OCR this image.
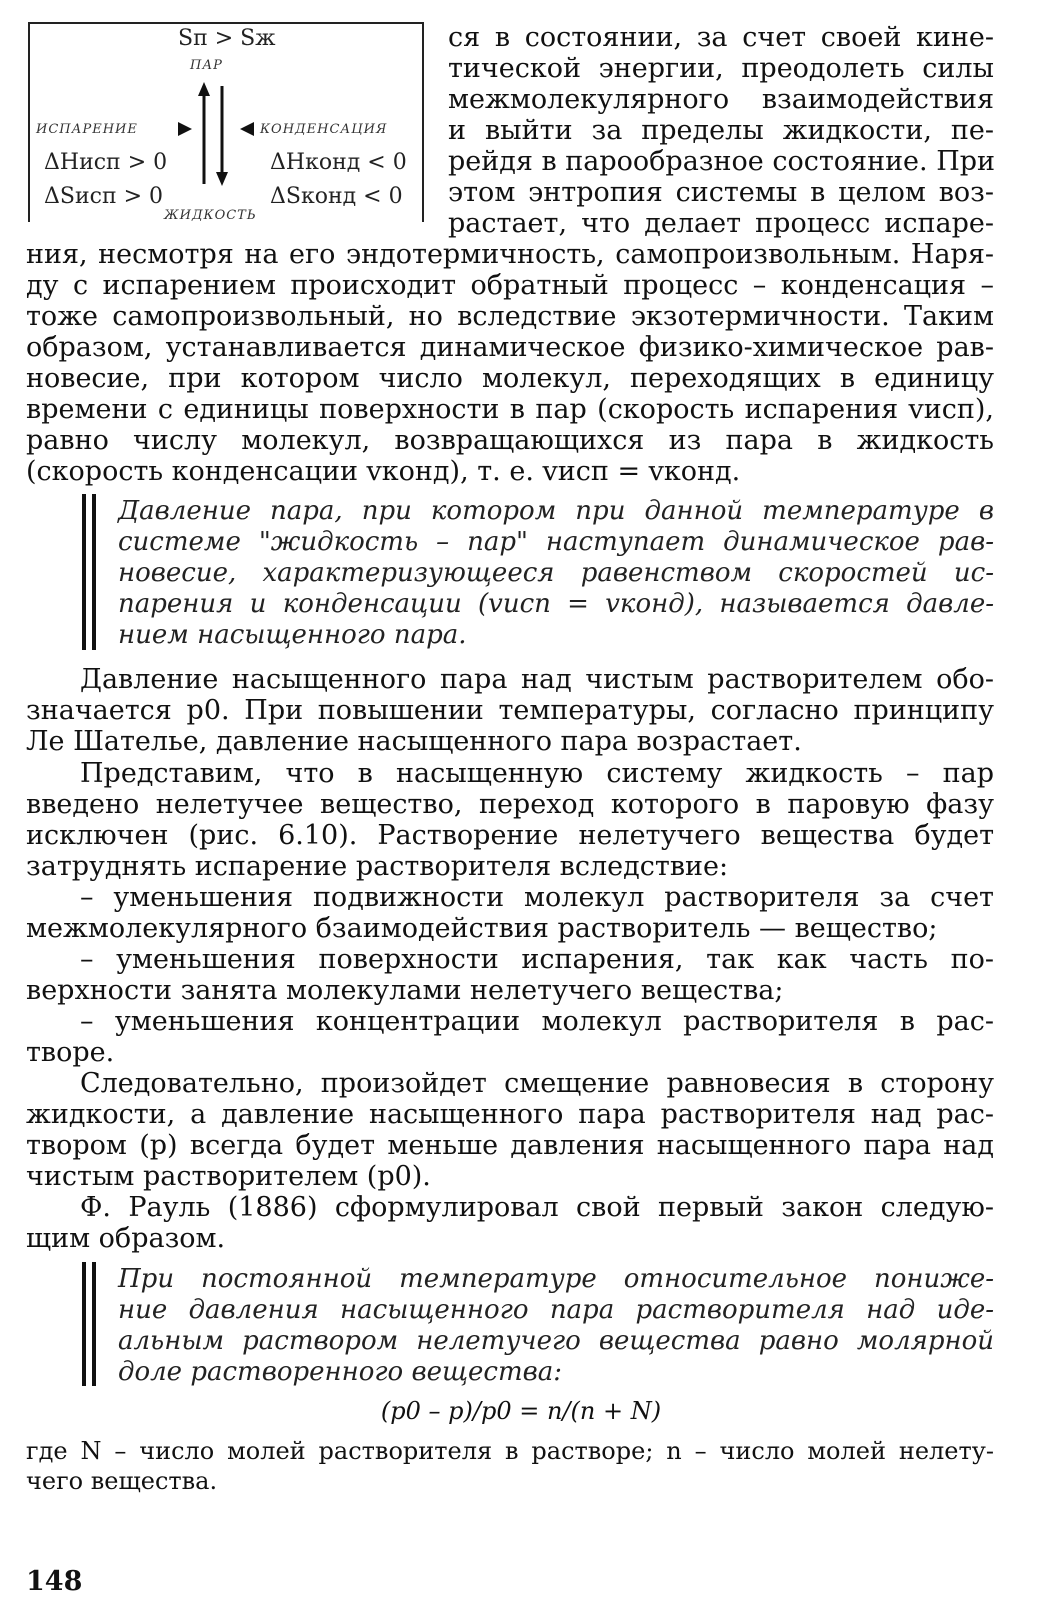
Sп > Sж
ПАР
ИСПАРЕНИЕ	КОНДЕНСАЦИЯ
ΔHисп > 0	ΔHконд < 0
ΔSисп > 0	ΔSконд < 0
ЖИДКОСТЬ
ся в состоянии, за счет своей кине-
тической энергии, преодолеть силы
межмолекулярного взаимодействия
и выйти за пределы жидкости, пе-
рейдя в парообразное состояние. При
этом энтропия системы в целом воз-
растает, что делает процесс испаре-
ния, несмотря на его эндотермичность, самопроизвольным. Наря-
ду с испарением происходит обратный процесс – конденсация –
тоже самопроизвольный, но вследствие экзотермичности. Таким
образом, устанавливается динамическое физико-химическое рав-
новесие, при котором число молекул, переходящих в единицу
времени с единицы поверхности в пар (скорость испарения vисп),
равно числу молекул, возвращающихся из пара в жидкость
(скорость конденсации vконд), т. е. vисп = vконд.
Давление пара, при котором при данной температуре в
системе "жидкость – пар" наступает динамическое рав-
новесие, характеризующееся равенством скоростей ис-
парения и конденсации (vисп = vконд), называется давле-
нием насыщенного пара.
Давление насыщенного пара над чистым растворителем обо-
значается p0. При повышении температуры, согласно принципу
Ле Шателье, давление насыщенного пара возрастает.
Представим, что в насыщенную систему жидкость – пар
введено нелетучее вещество, переход которого в паровую фазу
исключен (рис. 6.10). Растворение нелетучего вещества будет
затруднять испарение растворителя вследствие:
– уменьшения подвижности молекул растворителя за счет
межмолекулярного бзаимодействия растворитель — вещество;
– уменьшения поверхности испарения, так как часть по-
верхности занята молекулами нелетучего вещества;
– уменьшения концентрации молекул растворителя в рас-
творе.
Следовательно, произойдет смещение равновесия в сторону
жидкости, а давление насыщенного пара растворителя над рас-
твором (p) всегда будет меньше давления насыщенного пара над
чистым растворителем (p0).
Ф. Рауль (1886) сформулировал свой первый закон следую-
щим образом.
При постоянной температуре относительное пониже-
ние давления насыщенного пара растворителя над иде-
альным раствором нелетучего вещества равно молярной
доле растворенного вещества:
(p0 – p)/p0 = n/(n + N)
где N – число молей растворителя в растворе; n – число молей нелету-
чего вещества.
148
